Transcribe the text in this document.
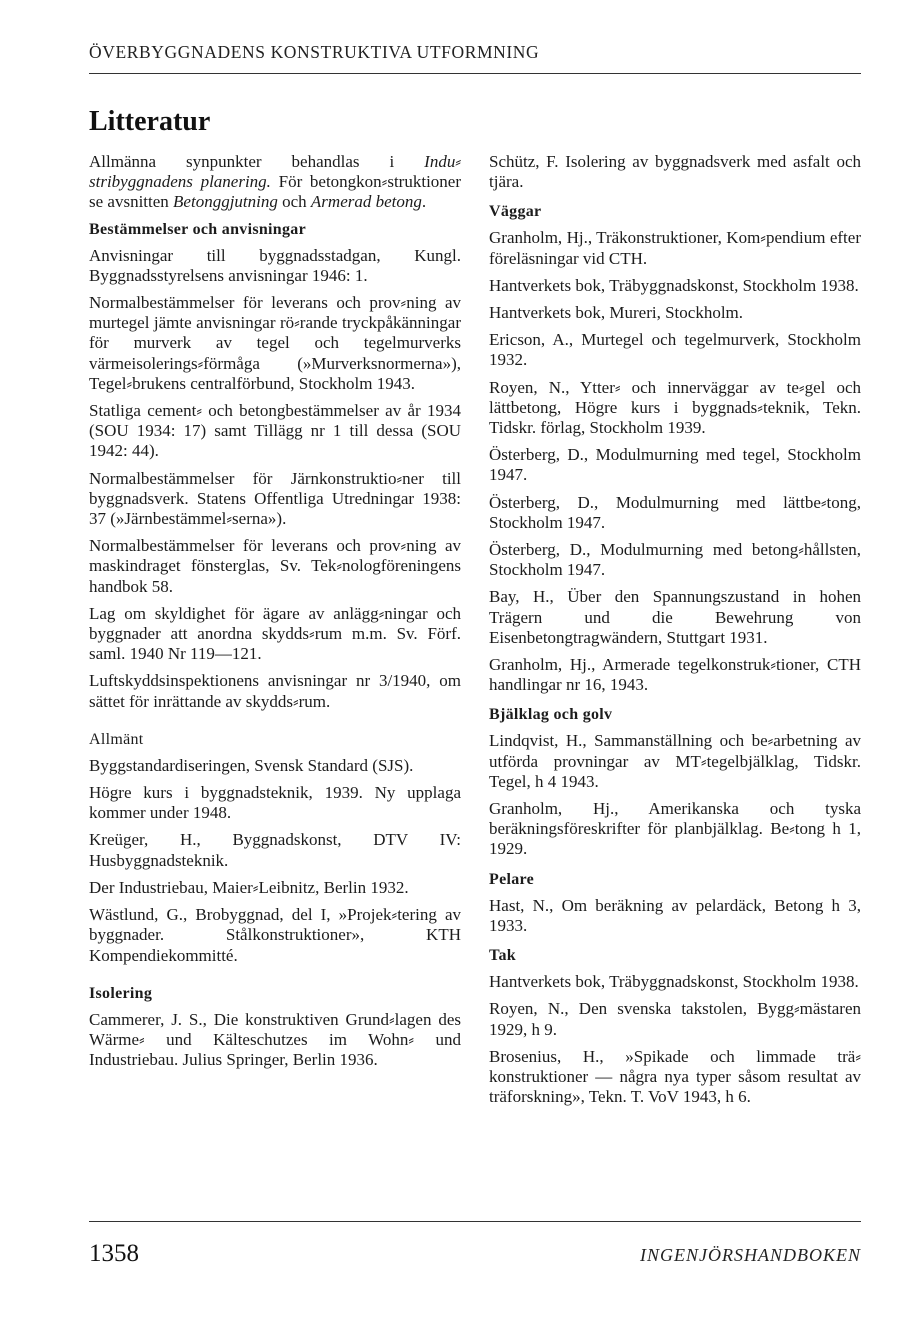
ÖVERBYGGNADENS KONSTRUKTIVA UTFORMNING
Litteratur

Allmänna synpunkter behandlas i Indu⸗stribyggnadens planering. För betongkon⸗struktioner se avsnitten Betonggjutning och Armerad betong.

Bestämmelser och anvisningar

Anvisningar till byggnadsstadgan, Kungl. Byggnadsstyrelsens anvisningar 1946: 1.

Normalbestämmelser för leverans och prov⸗ning av murtegel jämte anvisningar rö⸗rande tryckpåkänningar för murverk av tegel och tegelmurverks värmeisolerings⸗förmåga (»Murverksnormerna»), Tegel⸗brukens centralförbund, Stockholm 1943.

Statliga cement⸗ och betongbestämmelser av år 1934 (SOU 1934: 17) samt Tillägg nr 1 till dessa (SOU 1942: 44).

Normalbestämmelser för Järnkonstruktio⸗ner till byggnadsverk. Statens Offentliga Utredningar 1938: 37 (»Järnbestämmel⸗serna»).

Normalbestämmelser för leverans och prov⸗ning av maskindraget fönsterglas, Sv. Tek⸗nologföreningens handbok 58.

Lag om skyldighet för ägare av anlägg⸗ningar och byggnader att anordna skydds⸗rum m.m. Sv. Förf. saml. 1940 Nr 119—121.

Luftskyddsinspektionens anvisningar nr 3/1940, om sättet för inrättande av skydds⸗rum.

Allmänt

Byggstandardiseringen, Svensk Standard (SJS).

Högre kurs i byggnadsteknik, 1939. Ny upplaga kommer under 1948.

Kreüger, H., Byggnadskonst, DTV IV: Husbyggnadsteknik.

Der Industriebau, Maier⸗Leibnitz, Berlin 1932.

Wästlund, G., Brobyggnad, del I, »Projek⸗tering av byggnader. Stålkonstruktioner», KTH Kompendiekommitté.

Isolering

Cammerer, J. S., Die konstruktiven Grund⸗lagen des Wärme⸗ und Kälteschutzes im Wohn⸗ und Industriebau. Julius Springer, Berlin 1936.

Schütz, F. Isolering av byggnadsverk med asfalt och tjära.

Väggar

Granholm, Hj., Träkonstruktioner, Kom⸗pendium efter föreläsningar vid CTH.

Hantverkets bok, Träbyggnadskonst, Stockholm 1938.

Hantverkets bok, Mureri, Stockholm.

Ericson, A., Murtegel och tegelmurverk, Stockholm 1932.

Royen, N., Ytter⸗ och innerväggar av te⸗gel och lättbetong, Högre kurs i byggnads⸗teknik, Tekn. Tidskr. förlag, Stockholm 1939.

Österberg, D., Modulmurning med tegel, Stockholm 1947.

Österberg, D., Modulmurning med lättbe⸗tong, Stockholm 1947.

Österberg, D., Modulmurning med betong⸗hållsten, Stockholm 1947.

Bay, H., Über den Spannungszustand in hohen Trägern und die Bewehrung von Eisenbetongtragwändern, Stuttgart 1931.

Granholm, Hj., Armerade tegelkonstruk⸗tioner, CTH handlingar nr 16, 1943.

Bjälklag och golv

Lindqvist, H., Sammanställning och be⸗arbetning av utförda provningar av MT⸗tegelbjälklag, Tidskr. Tegel, h 4 1943.

Granholm, Hj., Amerikanska och tyska beräkningsföreskrifter för planbjälklag. Be⸗tong h 1, 1929.

Pelare

Hast, N., Om beräkning av pelardäck, Betong h 3, 1933.

Tak

Hantverkets bok, Träbyggnadskonst, Stockholm 1938.

Royen, N., Den svenska takstolen, Bygg⸗mästaren 1929, h 9.

Brosenius, H., »Spikade och limmade trä⸗konstruktioner — några nya typer såsom resultat av träforskning», Tekn. T. VoV 1943, h 6.

1358	INGENJÖRSHANDBOKEN
